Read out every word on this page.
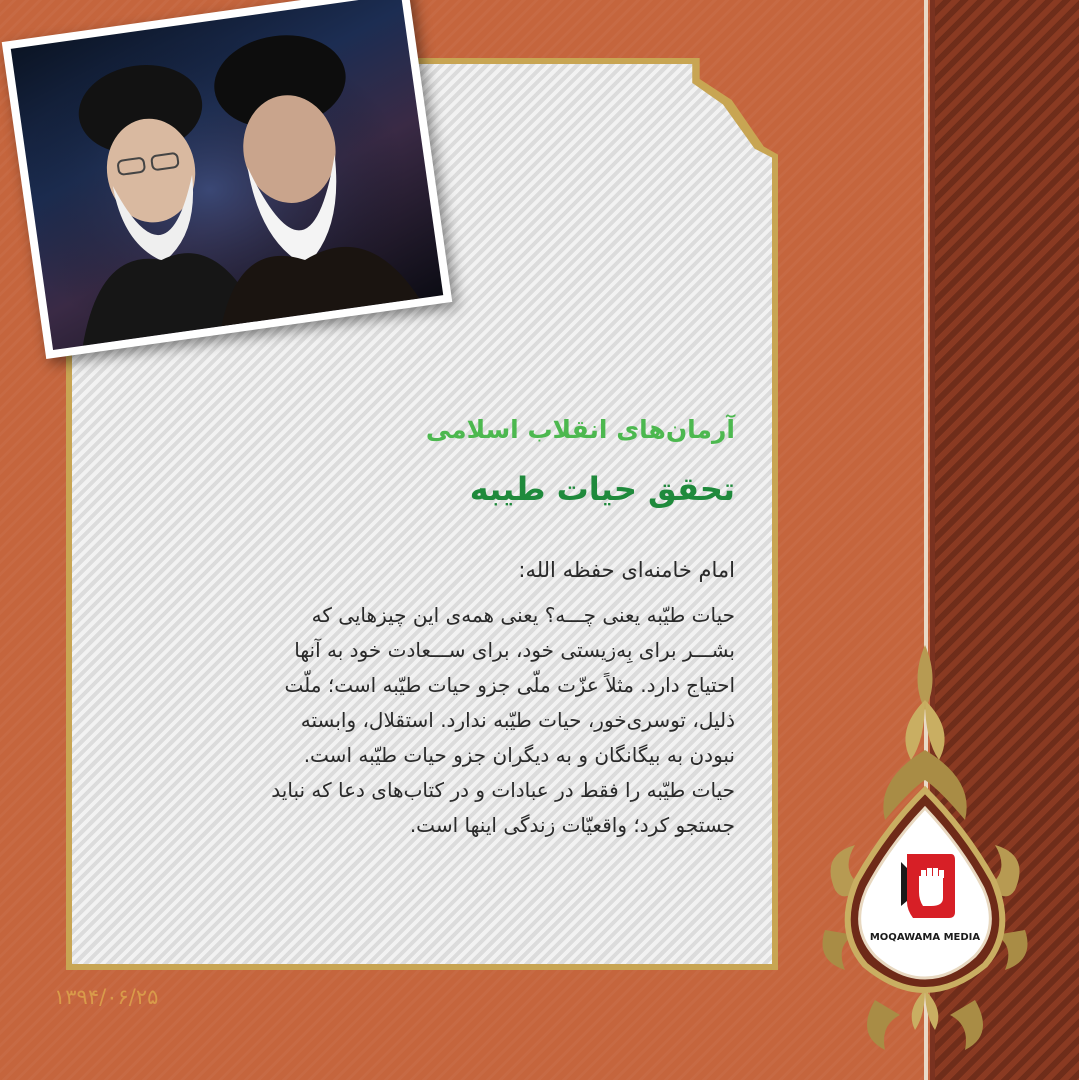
آرمان‌های انقلاب اسلامی
تحقق حیات طیبه
امام خامنه‌ای حفظه الله:
حیات طیّبه یعنی چـــه؟ یعنی همه‌ی این چیزهایی که
بشـــر برای بِه‌زیستی خود، برای ســـعادت خود به آنها
احتیاج دارد. مثلاً عزّت ملّی جزو حیات طیّبه است؛ ملّت
ذلیل، توسری‌خور، حیات طیّبه ندارد. استقلال، وابسته
نبودن به بیگانگان و به دیگران جزو حیات طیّبه است.
حیات طیّبه را فقط در عبادات و در کتاب‌های دعا که نباید
جستجو کرد؛ واقعیّات زندگی اینها است.
۱۳۹۴/۰۶/۲۵
MOQAWAMA MEDIA
